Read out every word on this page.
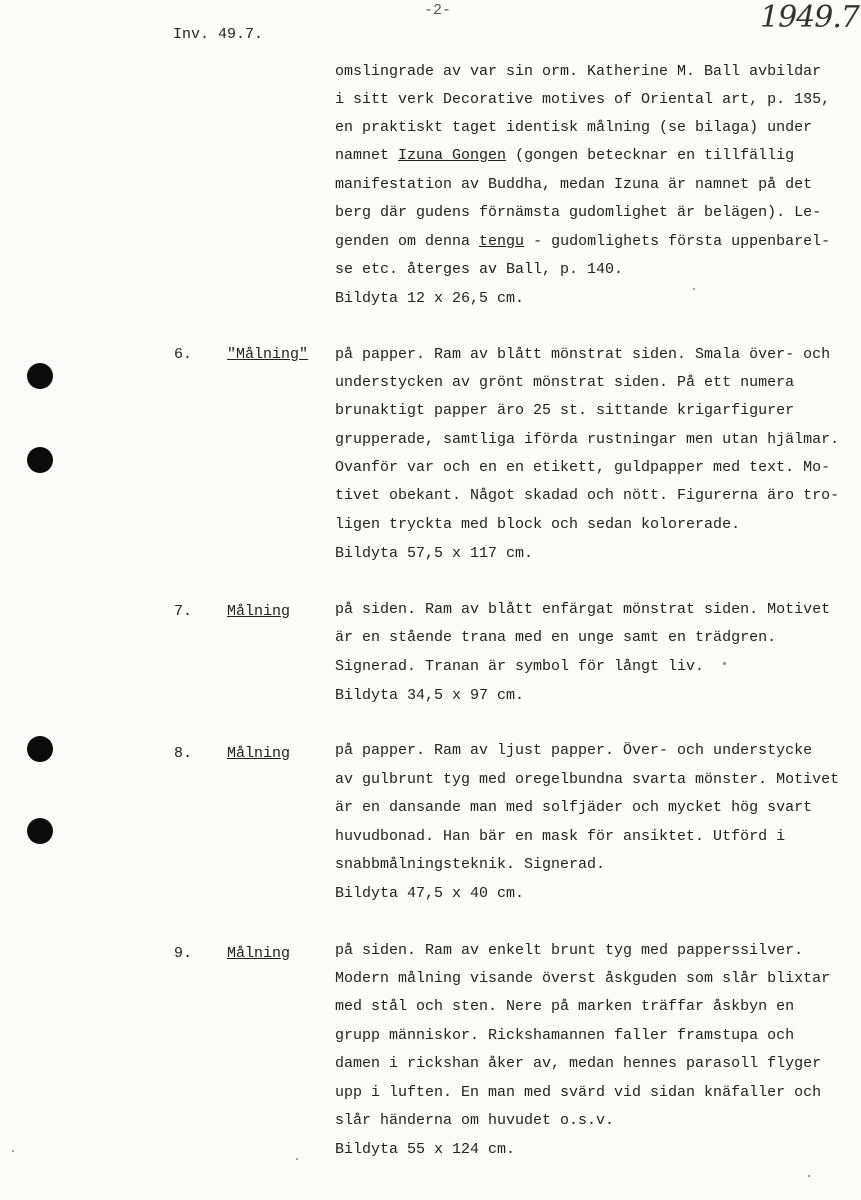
Inv. 49.7.
-2-	1949.7
omslingrade av var sin orm. Katherine M. Ball avbildar
i sitt verk Decorative motives of Oriental art, p. 135,
en praktiskt taget identisk målning (se bilaga) under
namnet Izuna Gongen (gongen betecknar en tillfällig
manifestation av Buddha, medan Izuna är namnet på det
berg där gudens förnämsta gudomlighet är belägen). Le-
genden om denna tengu - gudomlighets första uppenbarel-
se etc. återges av Ball, p. 140.
Bildyta 12 x 26,5 cm.
6. "Målning" på papper. Ram av blått mönstrat siden. Smala över- och
understycken av grönt mönstrat siden. På ett numera
brunaktigt papper äro 25 st. sittande krigarfigurer
grupperade, samtliga iförda rustningar men utan hjälmar.
Ovanför var och en en etikett, guldpapper med text. Mo-
tivet obekant. Något skadad och nött. Figurerna äro tro-
ligen tryckta med block och sedan kolorerade.
Bildyta 57,5 x 117 cm.
7. Målning	på siden. Ram av blått enfärgat mönstrat siden. Motivet
är en stående trana med en unge samt en trädgren.
Signerad. Tranan är symbol för långt liv.
Bildyta 34,5 x 97 cm.
8. Målning	på papper. Ram av ljust papper. Över- och understycke
av gulbrunt tyg med oregelbundna svarta mönster. Motivet
är en dansande man med solfjäder och mycket hög svart
huvudbonad. Han bär en mask för ansiktet. Utförd i
snabbmålningsteknik. Signerad.
Bildyta 47,5 x 40 cm.
9. Målning	på siden. Ram av enkelt brunt tyg med papperssilver.
Modern målning visande överst åskguden som slår blixtar
med stål och sten. Nere på marken träffar åskbyn en
grupp människor. Rickshamannen faller framstupa och
damen i rickshan åker av, medan hennes parasoll flyger
upp i luften. En man med svärd vid sidan knäfaller och
slår händerna om huvudet o.s.v.
Bildyta 55 x 124 cm.
